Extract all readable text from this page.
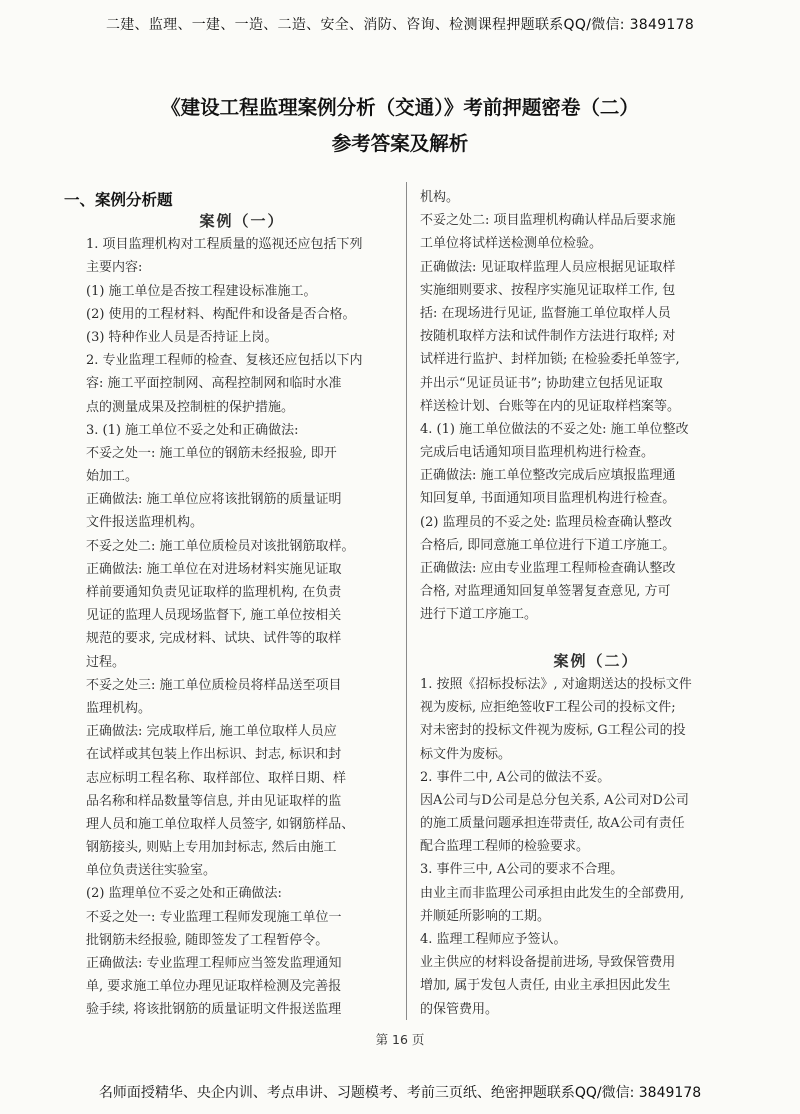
二建、监理、一建、一造、二造、安全、消防、咨询、检测课程押题联系QQ/微信: 3849178
《建设工程监理案例分析（交通）》考前押题密卷（二）
参考答案及解析
一、案例分析题
案例（一）
1. 项目监理机构对工程质量的巡视还应包括下列
主要内容:
(1) 施工单位是否按工程建设标准施工。
(2) 使用的工程材料、构配件和设备是否合格。
(3) 特种作业人员是否持证上岗。
2. 专业监理工程师的检查、复核还应包括以下内
容: 施工平面控制网、高程控制网和临时水准
点的测量成果及控制桩的保护措施。
3. (1) 施工单位不妥之处和正确做法:
不妥之处一: 施工单位的钢筋未经报验, 即开
始加工。
正确做法: 施工单位应将该批钢筋的质量证明
文件报送监理机构。
不妥之处二: 施工单位质检员对该批钢筋取样。
正确做法: 施工单位在对进场材料实施见证取
样前要通知负责见证取样的监理机构, 在负责
见证的监理人员现场监督下, 施工单位按相关
规范的要求, 完成材料、试块、试件等的取样
过程。
不妥之处三: 施工单位质检员将样品送至项目
监理机构。
正确做法: 完成取样后, 施工单位取样人员应
在试样或其包装上作出标识、封志, 标识和封
志应标明工程名称、取样部位、取样日期、样
品名称和样品数量等信息, 并由见证取样的监
理人员和施工单位取样人员签字, 如钢筋样品、
钢筋接头, 则贴上专用加封标志, 然后由施工
单位负责送往实验室。
(2) 监理单位不妥之处和正确做法:
不妥之处一: 专业监理工程师发现施工单位一
批钢筋未经报验, 随即签发了工程暂停令。
正确做法: 专业监理工程师应当签发监理通知
单, 要求施工单位办理见证取样检测及完善报
验手续, 将该批钢筋的质量证明文件报送监理
机构。
不妥之处二: 项目监理机构确认样品后要求施
工单位将试样送检测单位检验。
正确做法: 见证取样监理人员应根据见证取样
实施细则要求、按程序实施见证取样工作, 包
括: 在现场进行见证, 监督施工单位取样人员
按随机取样方法和试件制作方法进行取样; 对
试样进行监护、封样加锁; 在检验委托单签字,
并出示“见证员证书”; 协助建立包括见证取
样送检计划、台账等在内的见证取样档案等。
4. (1) 施工单位做法的不妥之处: 施工单位整改
完成后电话通知项目监理机构进行检查。
正确做法: 施工单位整改完成后应填报监理通
知回复单, 书面通知项目监理机构进行检查。
(2) 监理员的不妥之处: 监理员检查确认整改
合格后, 即同意施工单位进行下道工序施工。
正确做法: 应由专业监理工程师检查确认整改
合格, 对监理通知回复单签署复查意见, 方可
进行下道工序施工。
案例（二）
1. 按照《招标投标法》, 对逾期送达的投标文件
视为废标, 应拒绝签收F工程公司的投标文件;
对未密封的投标文件视为废标, G工程公司的投
标文件为废标。
2. 事件二中, A公司的做法不妥。
因A公司与D公司是总分包关系, A公司对D公司
的施工质量问题承担连带责任, 故A公司有责任
配合监理工程师的检验要求。
3. 事件三中, A公司的要求不合理。
由业主而非监理公司承担由此发生的全部费用,
并顺延所影响的工期。
4. 监理工程师应予签认。
业主供应的材料设备提前进场, 导致保管费用
增加, 属于发包人责任, 由业主承担因此发生
的保管费用。
第 16 页
名师面授精华、央企内训、考点串讲、习题模考、考前三页纸、绝密押题联系QQ/微信: 3849178
